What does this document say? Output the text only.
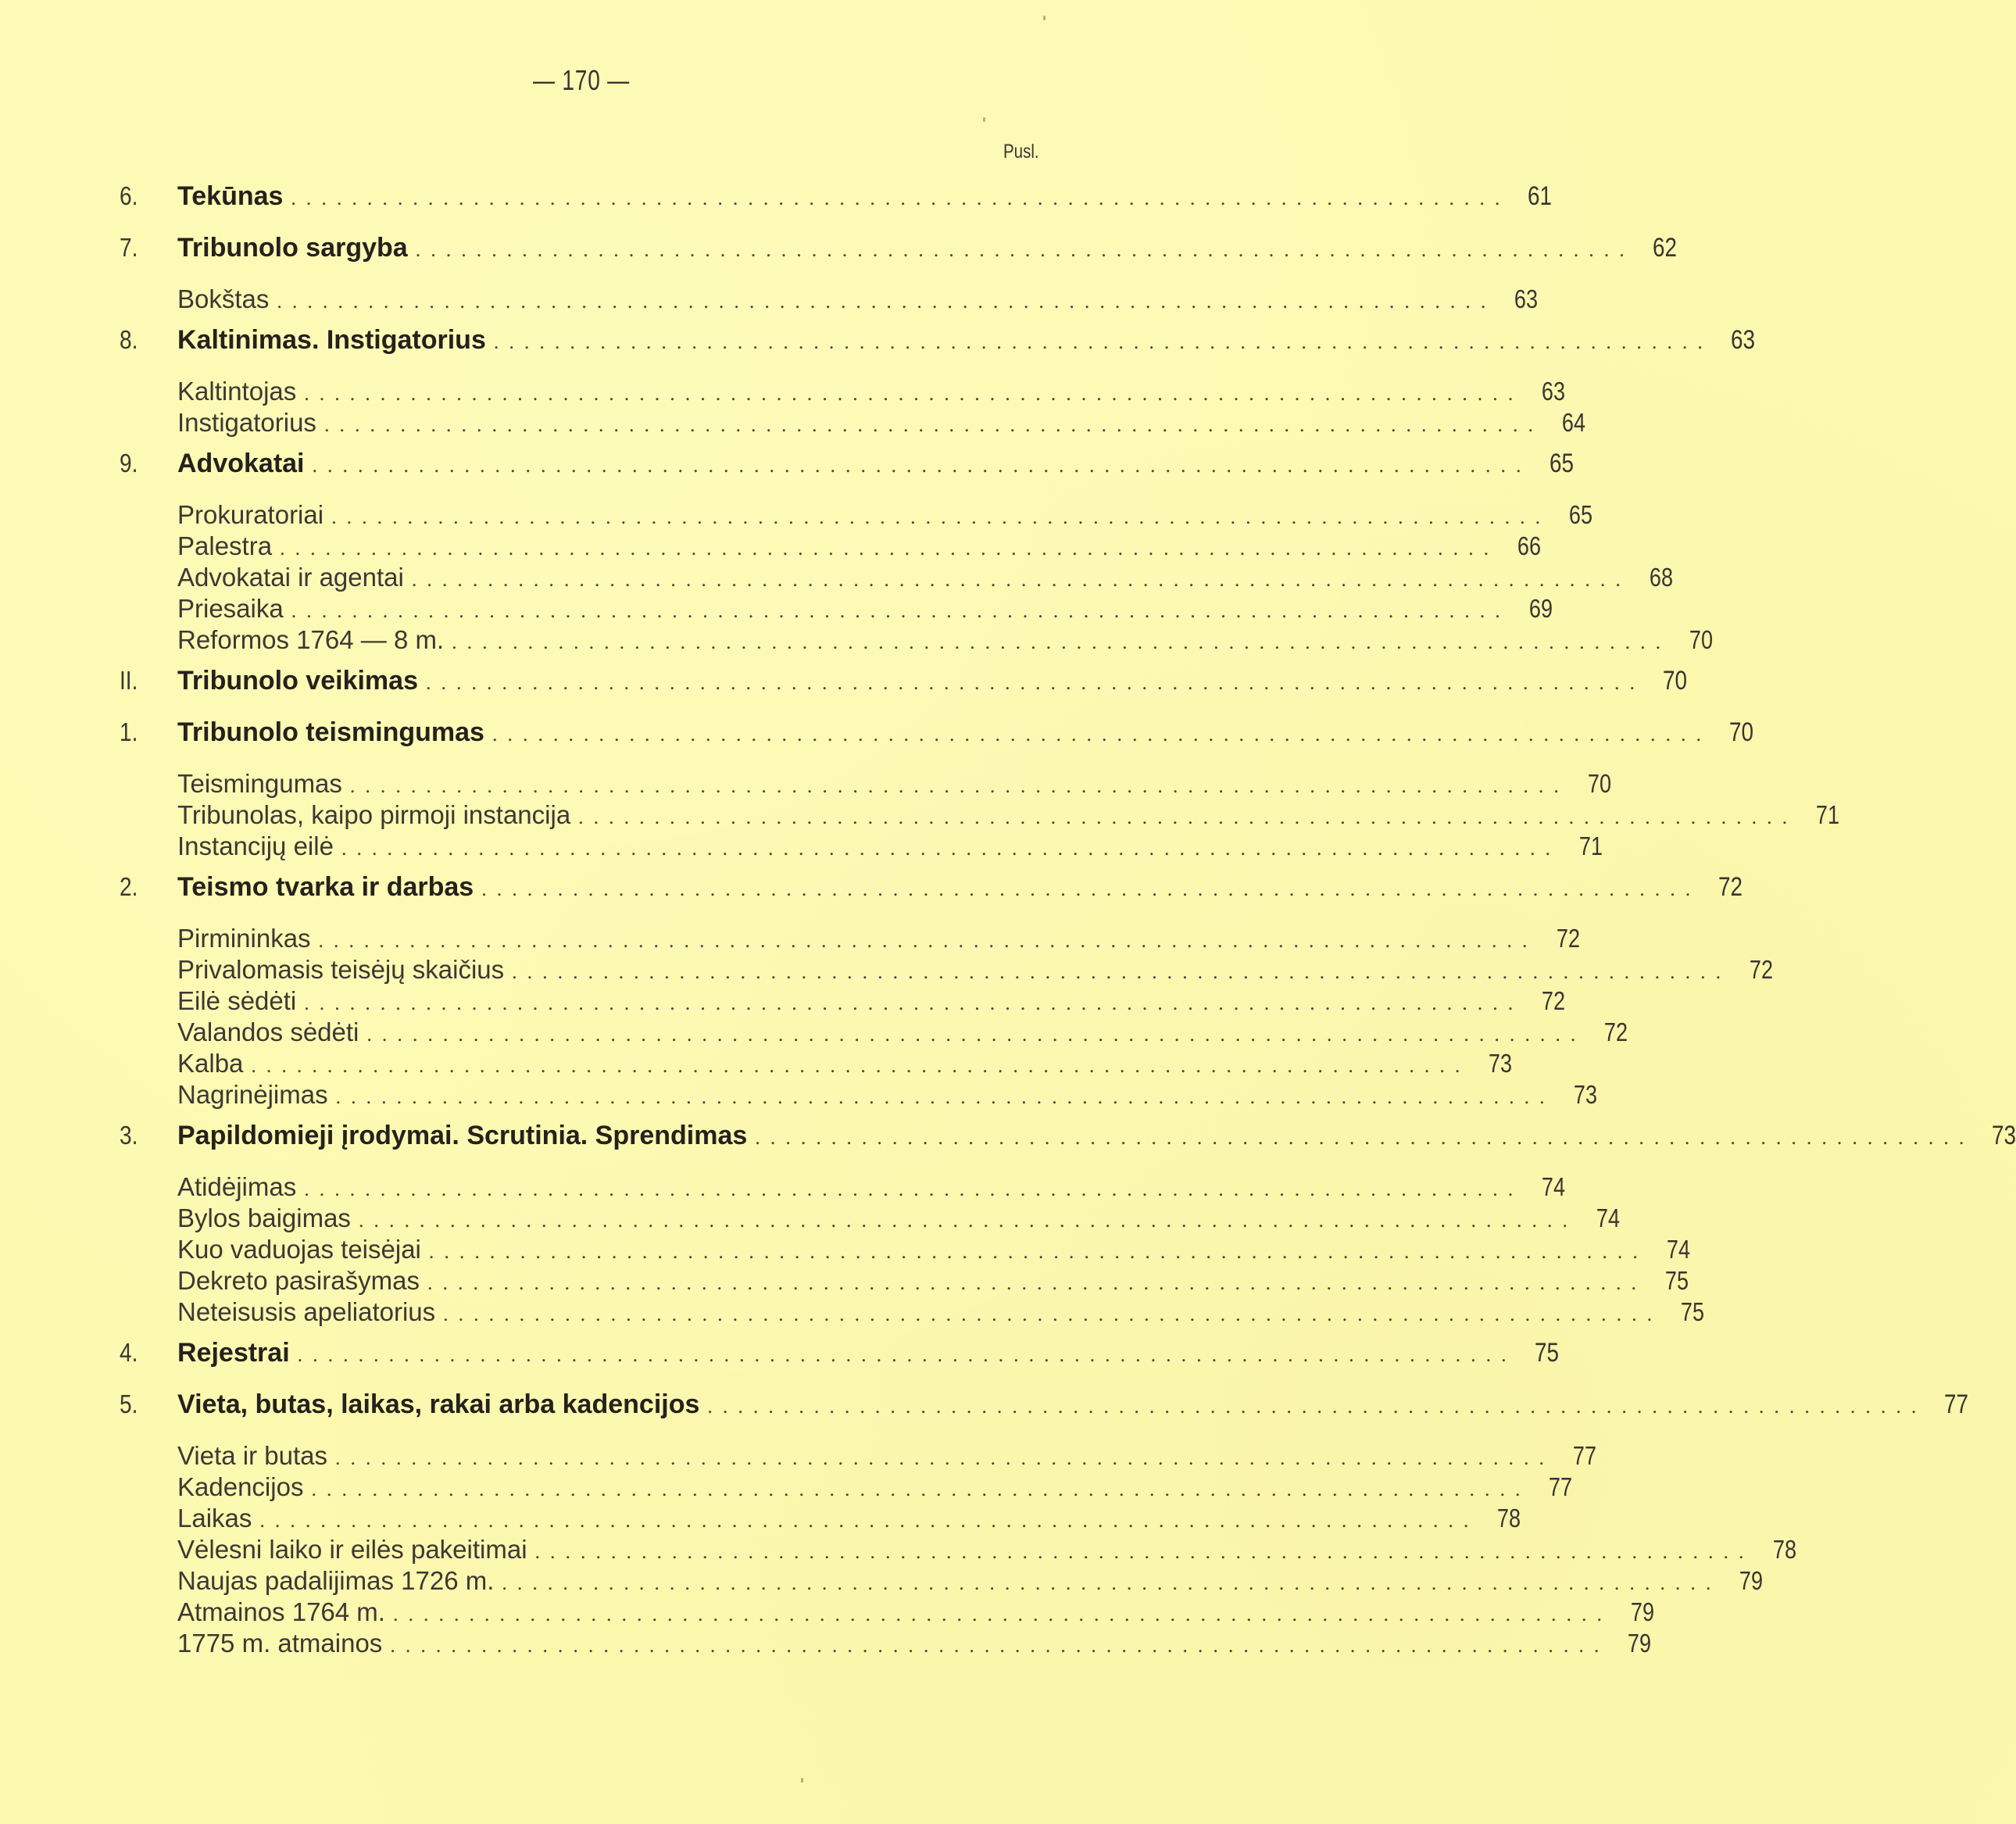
— 170 —
Pusl.
6.	Tekūnas ................................................................................ 61
7.	Tribunolo sargyba ................................................................................ 62
Bokštas ................................................................................ 63
8.	Kaltinimas. Instigatorius ................................................................................ 63
Kaltintojas ................................................................................ 63
Instigatorius ................................................................................ 64
9.	Advokatai ................................................................................ 65
Prokuratoriai ................................................................................ 65
Palestra ................................................................................ 66
Advokatai ir agentai ................................................................................ 68
Priesaika ................................................................................ 69
Reformos 1764 — 8 m. ................................................................................ 70
II.	Tribunolo veikimas ................................................................................ 70
1.	Tribunolo teismingumas ................................................................................ 70
Teismingumas ................................................................................ 70
Tribunolas, kaipo pirmoji instancija ................................................................................ 71
Instancijų eilė ................................................................................ 71
2.	Teismo tvarka ir darbas ................................................................................ 72
Pirmininkas ................................................................................ 72
Privalomasis teisėjų skaičius ................................................................................ 72
Eilė sėdėti ................................................................................ 72
Valandos sėdėti ................................................................................ 72
Kalba ................................................................................ 73
Nagrinėjimas ................................................................................ 73
3.	Papildomieji įrodymai. Scrutinia. Sprendimas ................................................................................ 73
Atidėjimas ................................................................................ 74
Bylos baigimas ................................................................................ 74
Kuo vaduojas teisėjai ................................................................................ 74
Dekreto pasirašymas ................................................................................ 75
Neteisusis apeliatorius ................................................................................ 75
4.	Rejestrai ................................................................................ 75
5.	Vieta, butas, laikas, rakai arba kadencijos ................................................................................ 77
Vieta ir butas ................................................................................ 77
Kadencijos ................................................................................ 77
Laikas ................................................................................ 78
Vėlesni laiko ir eilės pakeitimai ................................................................................ 78
Naujas padalijimas 1726 m. ................................................................................ 79
Atmainos 1764 m. ................................................................................ 79
1775 m. atmainos ................................................................................ 79
